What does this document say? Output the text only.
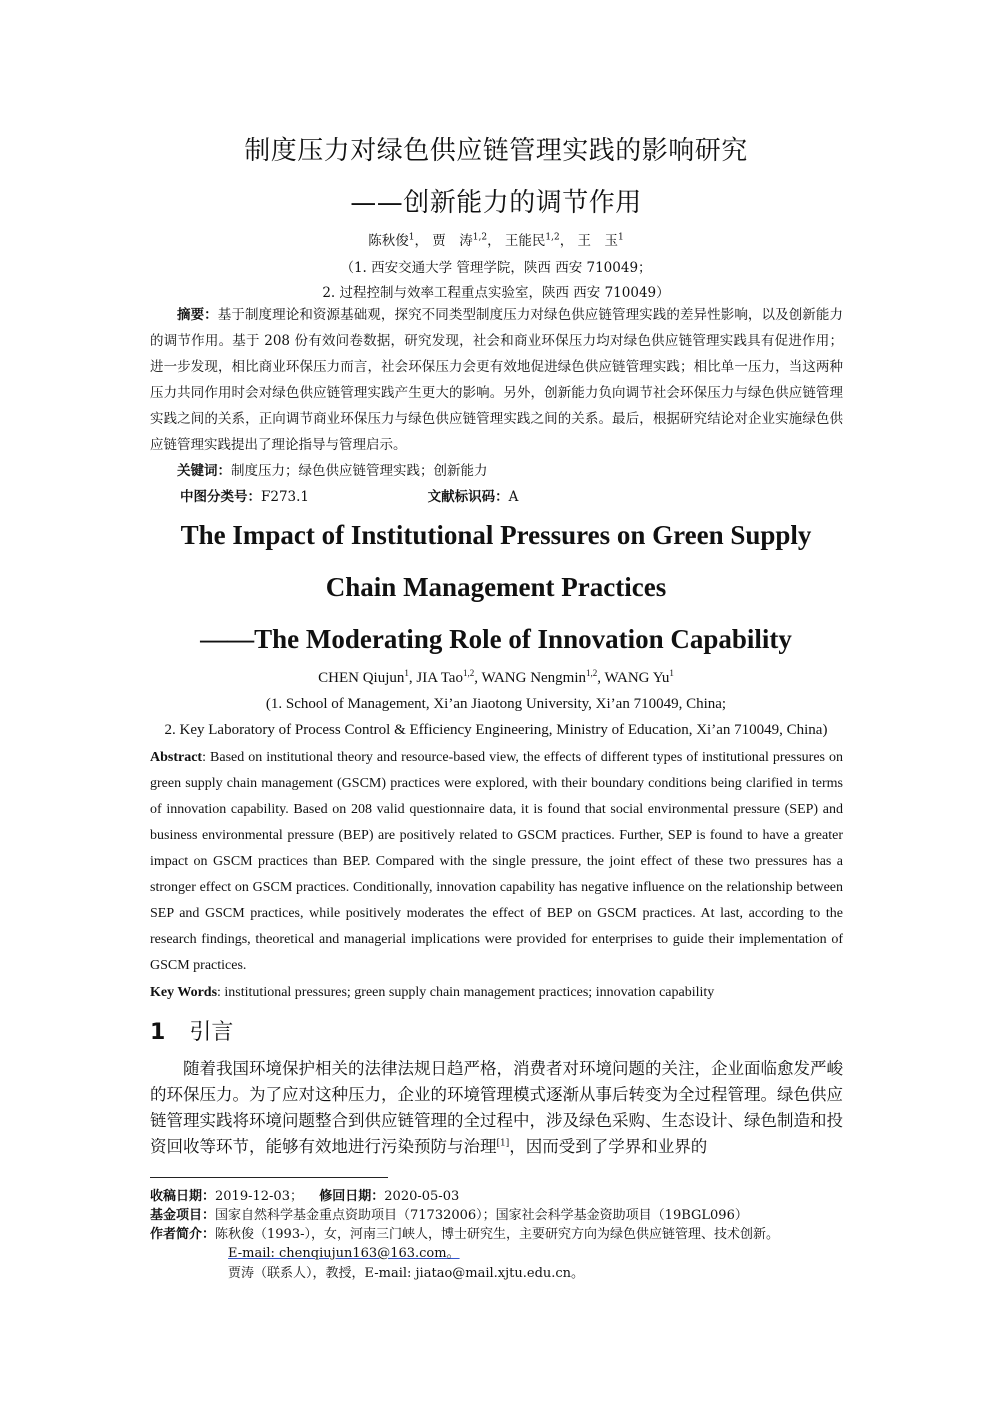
制度压力对绿色供应链管理实践的影响研究
——创新能力的调节作用
陈秋俊$^1$， 贾　涛$^{1,2}$， 王能民$^{1,2}$， 王　玉$^1$
（1. 西安交通大学 管理学院，陕西 西安 710049；
2. 过程控制与效率工程重点实验室，陕西 西安 710049）
摘要：基于制度理论和资源基础观，探究不同类型制度压力对绿色供应链管理实践的差异性影响，以及创新能力的调节作用。基于 208 份有效问卷数据，研究发现，社会和商业环保压力均对绿色供应链管理实践具有促进作用；进一步发现，相比商业环保压力而言，社会环保压力会更有效地促进绿色供应链管理实践；相比单一压力，当这两种压力共同作用时会对绿色供应链管理实践产生更大的影响。另外，创新能力负向调节社会环保压力与绿色供应链管理实践之间的关系，正向调节商业环保压力与绿色供应链管理实践之间的关系。最后，根据研究结论对企业实施绿色供应链管理实践提出了理论指导与管理启示。
关键词：制度压力；绿色供应链管理实践；创新能力
中图分类号：F273.1	文献标识码：A
The Impact of Institutional Pressures on Green Supply
Chain Management Practices
——The Moderating Role of Innovation Capability
CHEN Qiujun$^1$, JIA Tao$^{1,2}$, WANG Nengmin$^{1,2}$, WANG Yu$^1$
(1. School of Management, Xi’an Jiaotong University, Xi’an 710049, China;
2. Key Laboratory of Process Control & Efficiency Engineering, Ministry of Education, Xi’an 710049, China)
Abstract: Based on institutional theory and resource-based view, the effects of different types of institutional pressures on green supply chain management (GSCM) practices were explored, with their boundary conditions being clarified in terms of innovation capability. Based on 208 valid questionnaire data, it is found that social environmental pressure (SEP) and business environmental pressure (BEP) are positively related to GSCM practices. Further, SEP is found to have a greater impact on GSCM practices than BEP. Compared with the single pressure, the joint effect of these two pressures has a stronger effect on GSCM practices. Conditionally, innovation capability has negative influence on the relationship between SEP and GSCM practices, while positively moderates the effect of BEP on GSCM practices. At last, according to the research findings, theoretical and managerial implications were provided for enterprises to guide their implementation of GSCM practices.
Key Words: institutional pressures; green supply chain management practices; innovation capability
1 引言
随着我国环境保护相关的法律法规日趋严格，消费者对环境问题的关注，企业面临愈发严峻的环保压力。为了应对这种压力，企业的环境管理模式逐渐从事后转变为全过程管理。绿色供应链管理实践将环境问题整合到供应链管理的全过程中，涉及绿色采购、生态设计、绿色制造和投资回收等环节，能够有效地进行污染预防与治理[1]，因而受到了学界和业界的
收稿日期：2019-12-03； 修回日期：2020-05-03
基金项目：国家自然科学基金重点资助项目（71732006）；国家社会科学基金资助项目（19BGL096）
作者简介：陈秋俊（1993-），女，河南三门峡人，博士研究生，主要研究方向为绿色供应链管理、技术创新。
E-mail: chenqiujun163@163.com。
贾涛（联系人），教授，E-mail: jiatao@mail.xjtu.edu.cn。
